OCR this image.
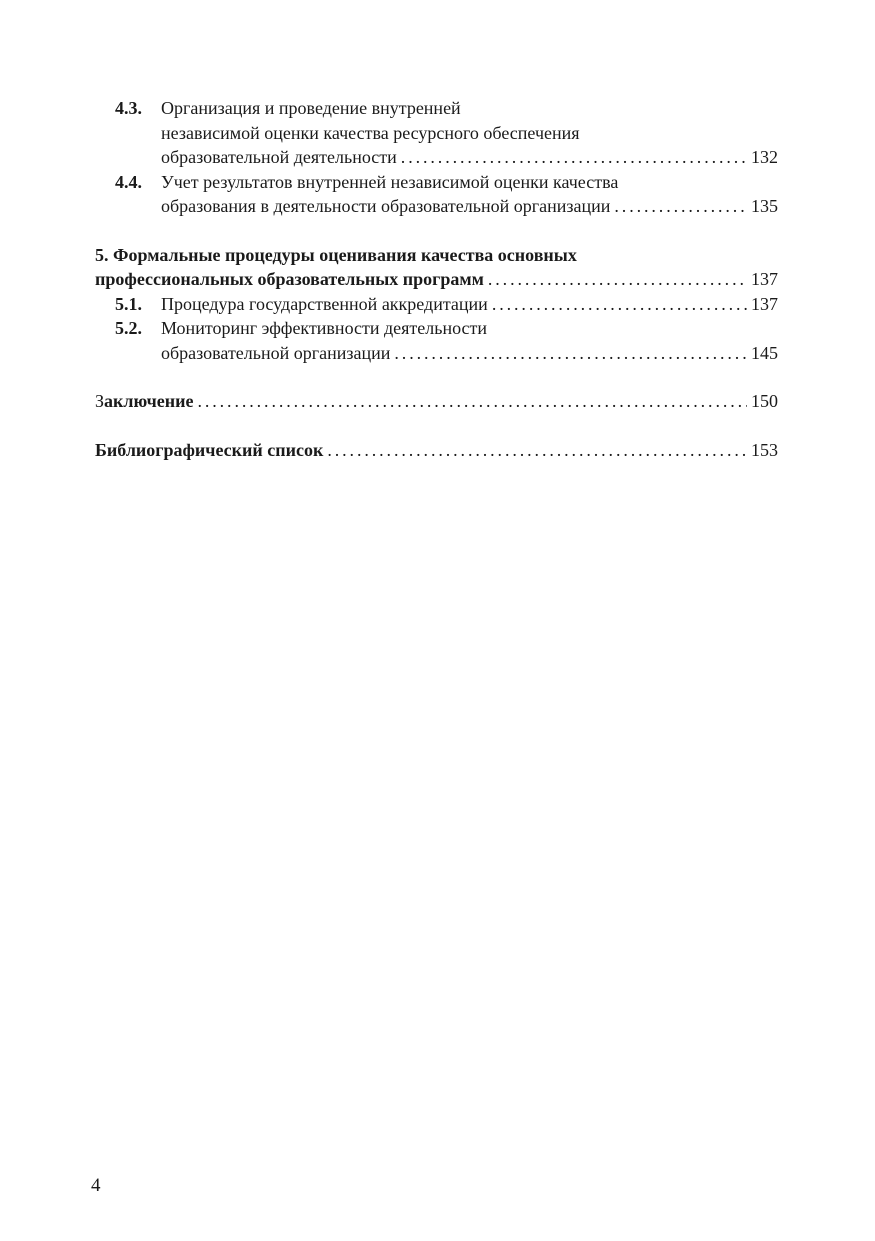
4.3.	Организация и проведение внутренней
независимой оценки качества ресурсного обеспечения
образовательной деятельности . . .	132
4.4.	Учет результатов внутренней независимой оценки качества
образования в деятельности образовательной организации . . .	135
5. Формальные процедуры оценивания качества основных
профессиональных образовательных программ . . .	137
5.1.	Процедура государственной аккредитации . . .	137
5.2.	Мониторинг эффективности деятельности
образовательной организации . . .	145
Заключение . . .	150
Библиографический список . . .	153
4
